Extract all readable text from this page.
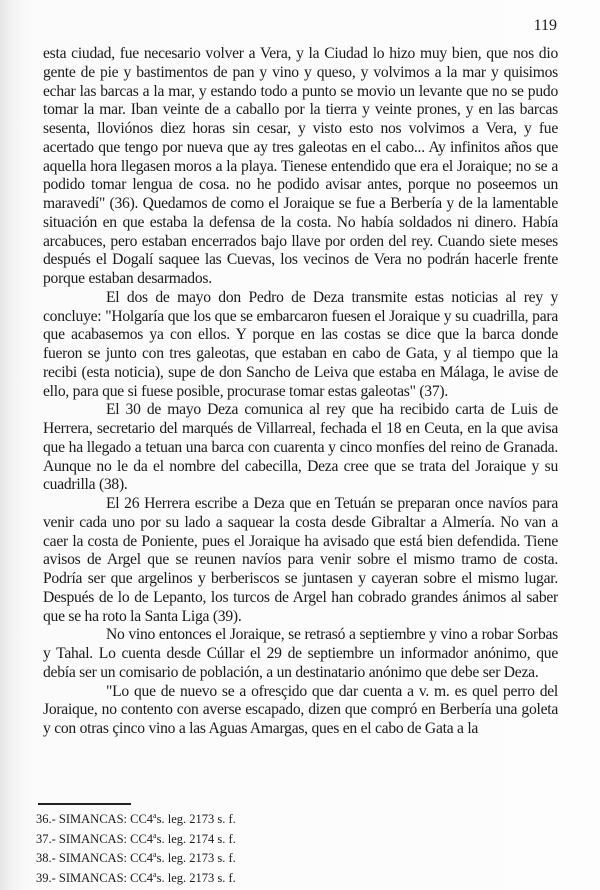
119

esta ciudad, fue necesario volver a Vera, y la Ciudad lo hizo muy bien, que nos dio gente de pie y bastimentos de pan y vino y queso, y volvimos a la mar y quisimos echar las barcas a la mar, y estando todo a punto se movio un levante que no se pudo tomar la mar. Iban veinte de a caballo por la tierra y veinte prones, y en las barcas sesenta, lloviónos diez horas sin cesar, y visto esto nos volvimos a Vera, y fue acertado que tengo por nueva que ay tres galeotas en el cabo... Ay infinitos años que aquella hora llegasen moros a la playa. Tienese entendido que era el Joraique; no se a podido tomar lengua de cosa. no he podido avisar antes, porque no poseemos un maravedí" (36). Quedamos de como el Joraique se fue a Berbería y de la lamentable situación en que estaba la defensa de la costa. No había soldados ni dinero. Había arcabuces, pero estaban encerrados bajo llave por orden del rey. Cuando siete meses después el Dogalí saquee las Cuevas, los vecinos de Vera no podrán hacerle frente porque estaban desarmados.

El dos de mayo don Pedro de Deza transmite estas noticias al rey y concluye: "Holgaría que los que se embarcaron fuesen el Joraique y su cuadrilla, para que acabasemos ya con ellos. Y porque en las costas se dice que la barca donde fueron se junto con tres galeotas, que estaban en cabo de Gata, y al tiempo que la recibi (esta noticia), supe de don Sancho de Leiva que estaba en Málaga, le avise de ello, para que si fuese posible, procurase tomar estas galeotas" (37).

El 30 de mayo Deza comunica al rey que ha recibido carta de Luis de Herrera, secretario del marqués de Villarreal, fechada el 18 en Ceuta, en la que avisa que ha llegado a tetuan una barca con cuarenta y cinco monfíes del reino de Granada. Aunque no le da el nombre del cabecilla, Deza cree que se trata del Joraique y su cuadrilla (38).

El 26 Herrera escribe a Deza que en Tetuán se preparan once navíos para venir cada uno por su lado a saquear la costa desde Gibraltar a Almería. No van a caer la costa de Poniente, pues el Joraique ha avisado que está bien defendida. Tiene avisos de Argel que se reunen navíos para venir sobre el mismo tramo de costa. Podría ser que argelinos y berberiscos se juntasen y cayeran sobre el mismo lugar. Después de lo de Lepanto, los turcos de Argel han cobrado grandes ánimos al saber que se ha roto la Santa Liga (39).

No vino entonces el Joraique, se retrasó a septiembre y vino a robar Sorbas y Tahal. Lo cuenta desde Cúllar el 29 de septiembre un informador anónimo, que debía ser un comisario de población, a un destinatario anónimo que debe ser Deza.

"Lo que de nuevo se a ofresçido que dar cuenta a v. m. es quel perro del Joraique, no contento con averse escapado, dizen que compró en Berbería una goleta y con otras çinco vino a las Aguas Amargas, ques en el cabo de Gata a la

36.- SIMANCAS: CC4$^a$s. leg. 2173 s. f.
37.- SIMANCAS: CC4$^a$s. leg. 2174 s. f.
38.- SIMANCAS: CC4$^a$s. leg. 2173 s. f.
39.- SIMANCAS: CC4$^a$s. leg. 2173 s. f.
